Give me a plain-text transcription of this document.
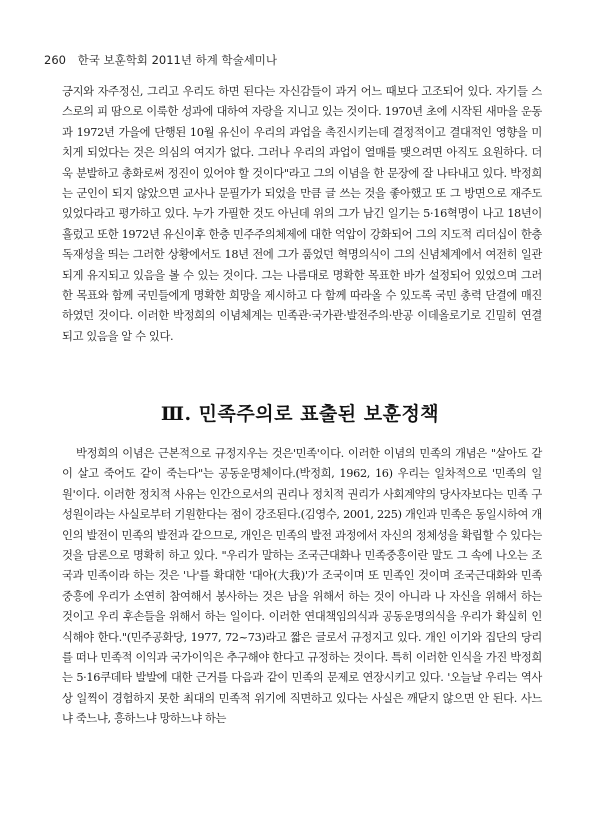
260 한국 보훈학회 2011년 하계 학술세미나

긍지와 자주정신, 그리고 우리도 하면 된다는 자신감들이 과거 어느 때보다 고조되어 있다. 자기들 스스로의 피 땀으로 이룩한 성과에 대하여 자랑을 지니고 있는 것이다. 1970년 초에 시작된 새마을 운동과 1972년 가을에 단행된 10월 유신이 우리의 과업을 촉진시키는데 결정적이고 결대적인 영향을 미치게 되었다는 것은 의심의 여지가 없다. 그러나 우리의 과업이 열매를 맺으려면 아직도 요원하다. 더욱 분발하고 총화로써 정진이 있어야 할 것이다"라고 그의 이념을 한 문장에 잘 나타내고 있다. 박정희는 군인이 되지 않았으면 교사나 문필가가 되었을 만큼 글 쓰는 것을 좋아했고 또 그 방면으로 재주도 있었다라고 평가하고 있다. 누가 가필한 것도 아닌데 위의 그가 남긴 일기는 5·16혁명이 나고 18년이 흘렀고 또한 1972년 유신이후 한층 민주주의체제에 대한 억압이 강화되어 그의 지도적 리더십이 한층 독재성을 띄는 그러한 상황에서도 18년 전에 그가 품었던 혁명의식이 그의 신념체계에서 여전히 일관되게 유지되고 있음을 볼 수 있는 것이다. 그는 나름대로 명확한 목표한 바가 설정되어 있었으며 그러한 목표와 함께 국민들에게 명확한 희망을 제시하고 다 함께 따라올 수 있도록 국민 총력 단결에 매진하였던 것이다. 이러한 박정희의 이념체계는 민족관·국가관·발전주의·반공 이데올로기로 긴밀히 연결되고 있음을 알 수 있다.

Ⅲ. 민족주의로 표출된 보훈정책

박정희의 이념은 근본적으로 규정지우는 것은'민족'이다. 이러한 이념의 민족의 개념은 "살아도 같이 살고 죽어도 같이 죽는다"는 공동운명체이다.(박정희, 1962, 16) 우리는 일차적으로 '민족의 일원'이다. 이러한 정치적 사유는 인간으로서의 권리나 정치적 권리가 사회계약의 당사자보다는 민족 구성원이라는 사실로부터 기원한다는 점이 강조된다.(김영수, 2001, 225) 개인과 민족은 동일시하여 개인의 발전이 민족의 발전과 같으므로, 개인은 민족의 발전 과정에서 자신의 정체성을 확립할 수 있다는 것을 담론으로 명확히 하고 있다. "우리가 말하는 조국근대화나 민족중흥이란 말도 그 속에 나오는 조국과 민족이라 하는 것은 '나'를 확대한 '대아(大我)'가 조국이며 또 민족인 것이며 조국근대화와 민족중흥에 우리가 소연히 참여해서 봉사하는 것은 남을 위해서 하는 것이 아니라 나 자신을 위해서 하는 것이고 우리 후손들을 위해서 하는 일이다. 이러한 연대책임의식과 공동운명의식을 우리가 확실히 인식해야 한다."(민주공화당, 1977, 72~73)라고 짧은 글로서 규정지고 있다. 개인 이기와 집단의 당리를 떠나 민족적 이익과 국가이익은 추구해야 한다고 규정하는 것이다. 특히 이러한 인식을 가진 박정희는 5·16쿠데타 발발에 대한 근거를 다음과 같이 민족의 문제로 연장시키고 있다. '오늘날 우리는 역사상 일찍이 경험하지 못한 최대의 민족적 위기에 직면하고 있다는 사실은 깨닫지 않으면 안 된다. 사느냐 죽느냐, 흥하느냐 망하느냐 하는
